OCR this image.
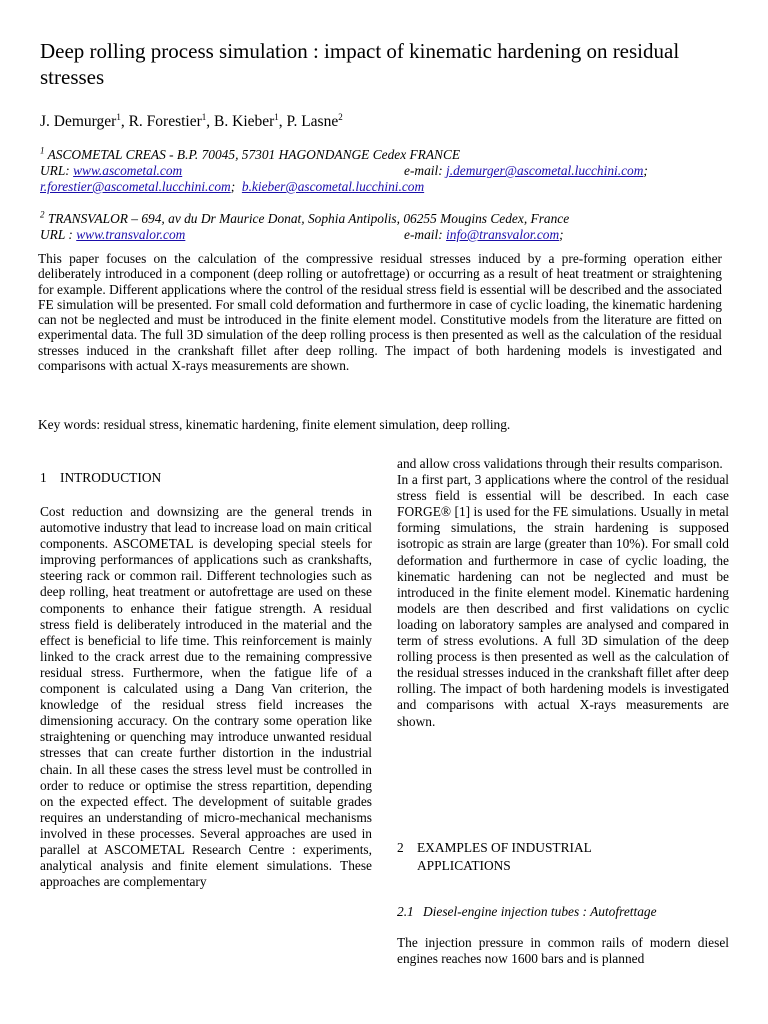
Deep rolling process simulation : impact of kinematic hardening on residual stresses

J. Demurger$^1$, R. Forestier$^1$, B. Kieber$^1$, P. Lasne$^2$

$^1$ ASCOMETAL CREAS - B.P. 70045, 57301 HAGONDANGE Cedex FRANCE
URL: www.ascometal.com	e-mail: j.demurger@ascometal.lucchini.com;
r.forestier@ascometal.lucchini.com; b.kieber@ascometal.lucchini.com
$^2$ TRANSVALOR – 694, av du Dr Maurice Donat, Sophia Antipolis, 06255 Mougins Cedex, France
URL : www.transvalor.com	e-mail: info@transvalor.com;

This paper focuses on the calculation of the compressive residual stresses induced by a pre-forming operation either deliberately introduced in a component (deep rolling or autofrettage) or occurring as a result of heat treatment or straightening for example. Different applications where the control of the residual stress field is essential will be described and the associated FE simulation will be presented. For small cold deformation and furthermore in case of cyclic loading, the kinematic hardening can not be neglected and must be introduced in the finite element model. Constitutive models from the literature are fitted on experimental data. The full 3D simulation of the deep rolling process is then presented as well as the calculation of the residual stresses induced in the crankshaft fillet after deep rolling. The impact of both hardening models is investigated and comparisons with actual X-rays measurements are shown.

Key words: residual stress, kinematic hardening, finite element simulation, deep rolling.

1 INTRODUCTION

Cost reduction and downsizing are the general trends in automotive industry that lead to increase load on main critical components. ASCOMETAL is developing special steels for improving performances of applications such as crankshafts, steering rack or common rail. Different technologies such as deep rolling, heat treatment or autofrettage are used on these components to enhance their fatigue strength. A residual stress field is deliberately introduced in the material and the effect is beneficial to life time. This reinforcement is mainly linked to the crack arrest due to the remaining compressive residual stress. Furthermore, when the fatigue life of a component is calculated using a Dang Van criterion, the knowledge of the residual stress field increases the dimensioning accuracy. On the contrary some operation like straightening or quenching may introduce unwanted residual stresses that can create further distortion in the industrial chain. In all these cases the stress level must be controlled in order to reduce or optimise the stress repartition, depending on the expected effect. The development of suitable grades requires an understanding of micro-mechanical mechanisms involved in these processes. Several approaches are used in parallel at ASCOMETAL Research Centre : experiments, analytical analysis and finite element simulations. These approaches are complementary

and allow cross validations through their results comparison.

In a first part, 3 applications where the control of the residual stress field is essential will be described. In each case FORGE® [1] is used for the FE simulations. Usually in metal forming simulations, the strain hardening is supposed isotropic as strain are large (greater than 10%). For small cold deformation and furthermore in case of cyclic loading, the kinematic hardening can not be neglected and must be introduced in the finite element model. Kinematic hardening models are then described and first validations on cyclic loading on laboratory samples are analysed and compared in term of stress evolutions. A full 3D simulation of the deep rolling process is then presented as well as the calculation of the residual stresses induced in the crankshaft fillet after deep rolling. The impact of both hardening models is investigated and comparisons with actual X-rays measurements are shown.

2 EXAMPLES OF INDUSTRIAL APPLICATIONS
2.1 Diesel-engine injection tubes : Autofrettage

The injection pressure in common rails of modern diesel engines reaches now 1600 bars and is planned
